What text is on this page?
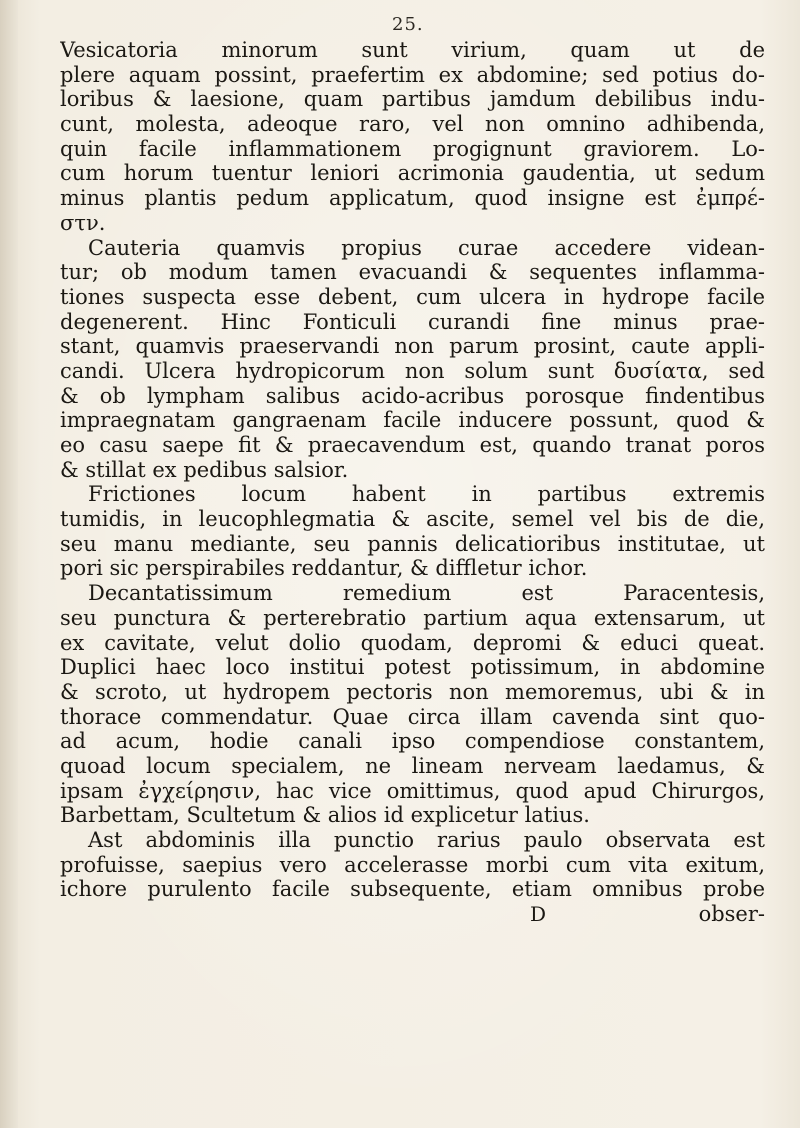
25.
Vesicatoria minorum sunt virium, quam ut de
plere aquam possint, praefertim ex abdomine; sed potius do-
loribus & laesione, quam partibus jamdum debilibus indu-
cunt, molesta, adeoque raro, vel non omnino adhibenda,
quin facile inflammationem progignunt graviorem. Lo-
cum horum tuentur leniori acrimonia gaudentia, ut sedum
minus plantis pedum applicatum, quod insigne est ἐμπρέ-
στν.
Cauteria quamvis propius curae accedere videan-
tur; ob modum tamen evacuandi & sequentes inflamma-
tiones suspecta esse debent, cum ulcera in hydrope facile
degenerent. Hinc Fonticuli curandi fine minus prae-
stant, quamvis praeservandi non parum prosint, caute appli-
candi. Ulcera hydropicorum non solum sunt δυσίατα, sed
& ob lympham salibus acido-acribus porosque findentibus
impraegnatam gangraenam facile inducere possunt, quod &
eo casu saepe fit & praecavendum est, quando tranat poros
& stillat ex pedibus salsior.
Frictiones locum habent in partibus extremis
tumidis, in leucophlegmatia & ascite, semel vel bis de die,
seu manu mediante, seu pannis delicatioribus institutae, ut
pori sic perspirabiles reddantur, & diffletur ichor.
Decantatissimum remedium est Paracentesis,
seu punctura & perterebratio partium aqua extensarum, ut
ex cavitate, velut dolio quodam, depromi & educi queat.
Duplici haec loco institui potest potissimum, in abdomine
& scroto, ut hydropem pectoris non memoremus, ubi & in
thorace commendatur. Quae circa illam cavenda sint quo-
ad acum, hodie canali ipso compendiose constantem,
quoad locum specialem, ne lineam nerveam laedamus, &
ipsam ἐγχείρησιν, hac vice omittimus, quod apud Chirurgos,
Barbettam, Scultetum & alios id explicetur latius.
Ast abdominis illa punctio rarius paulo observata est
profuisse, saepius vero accelerasse morbi cum vita exitum,
ichore purulento facile subsequente, etiam omnibus probe
D	obser-
